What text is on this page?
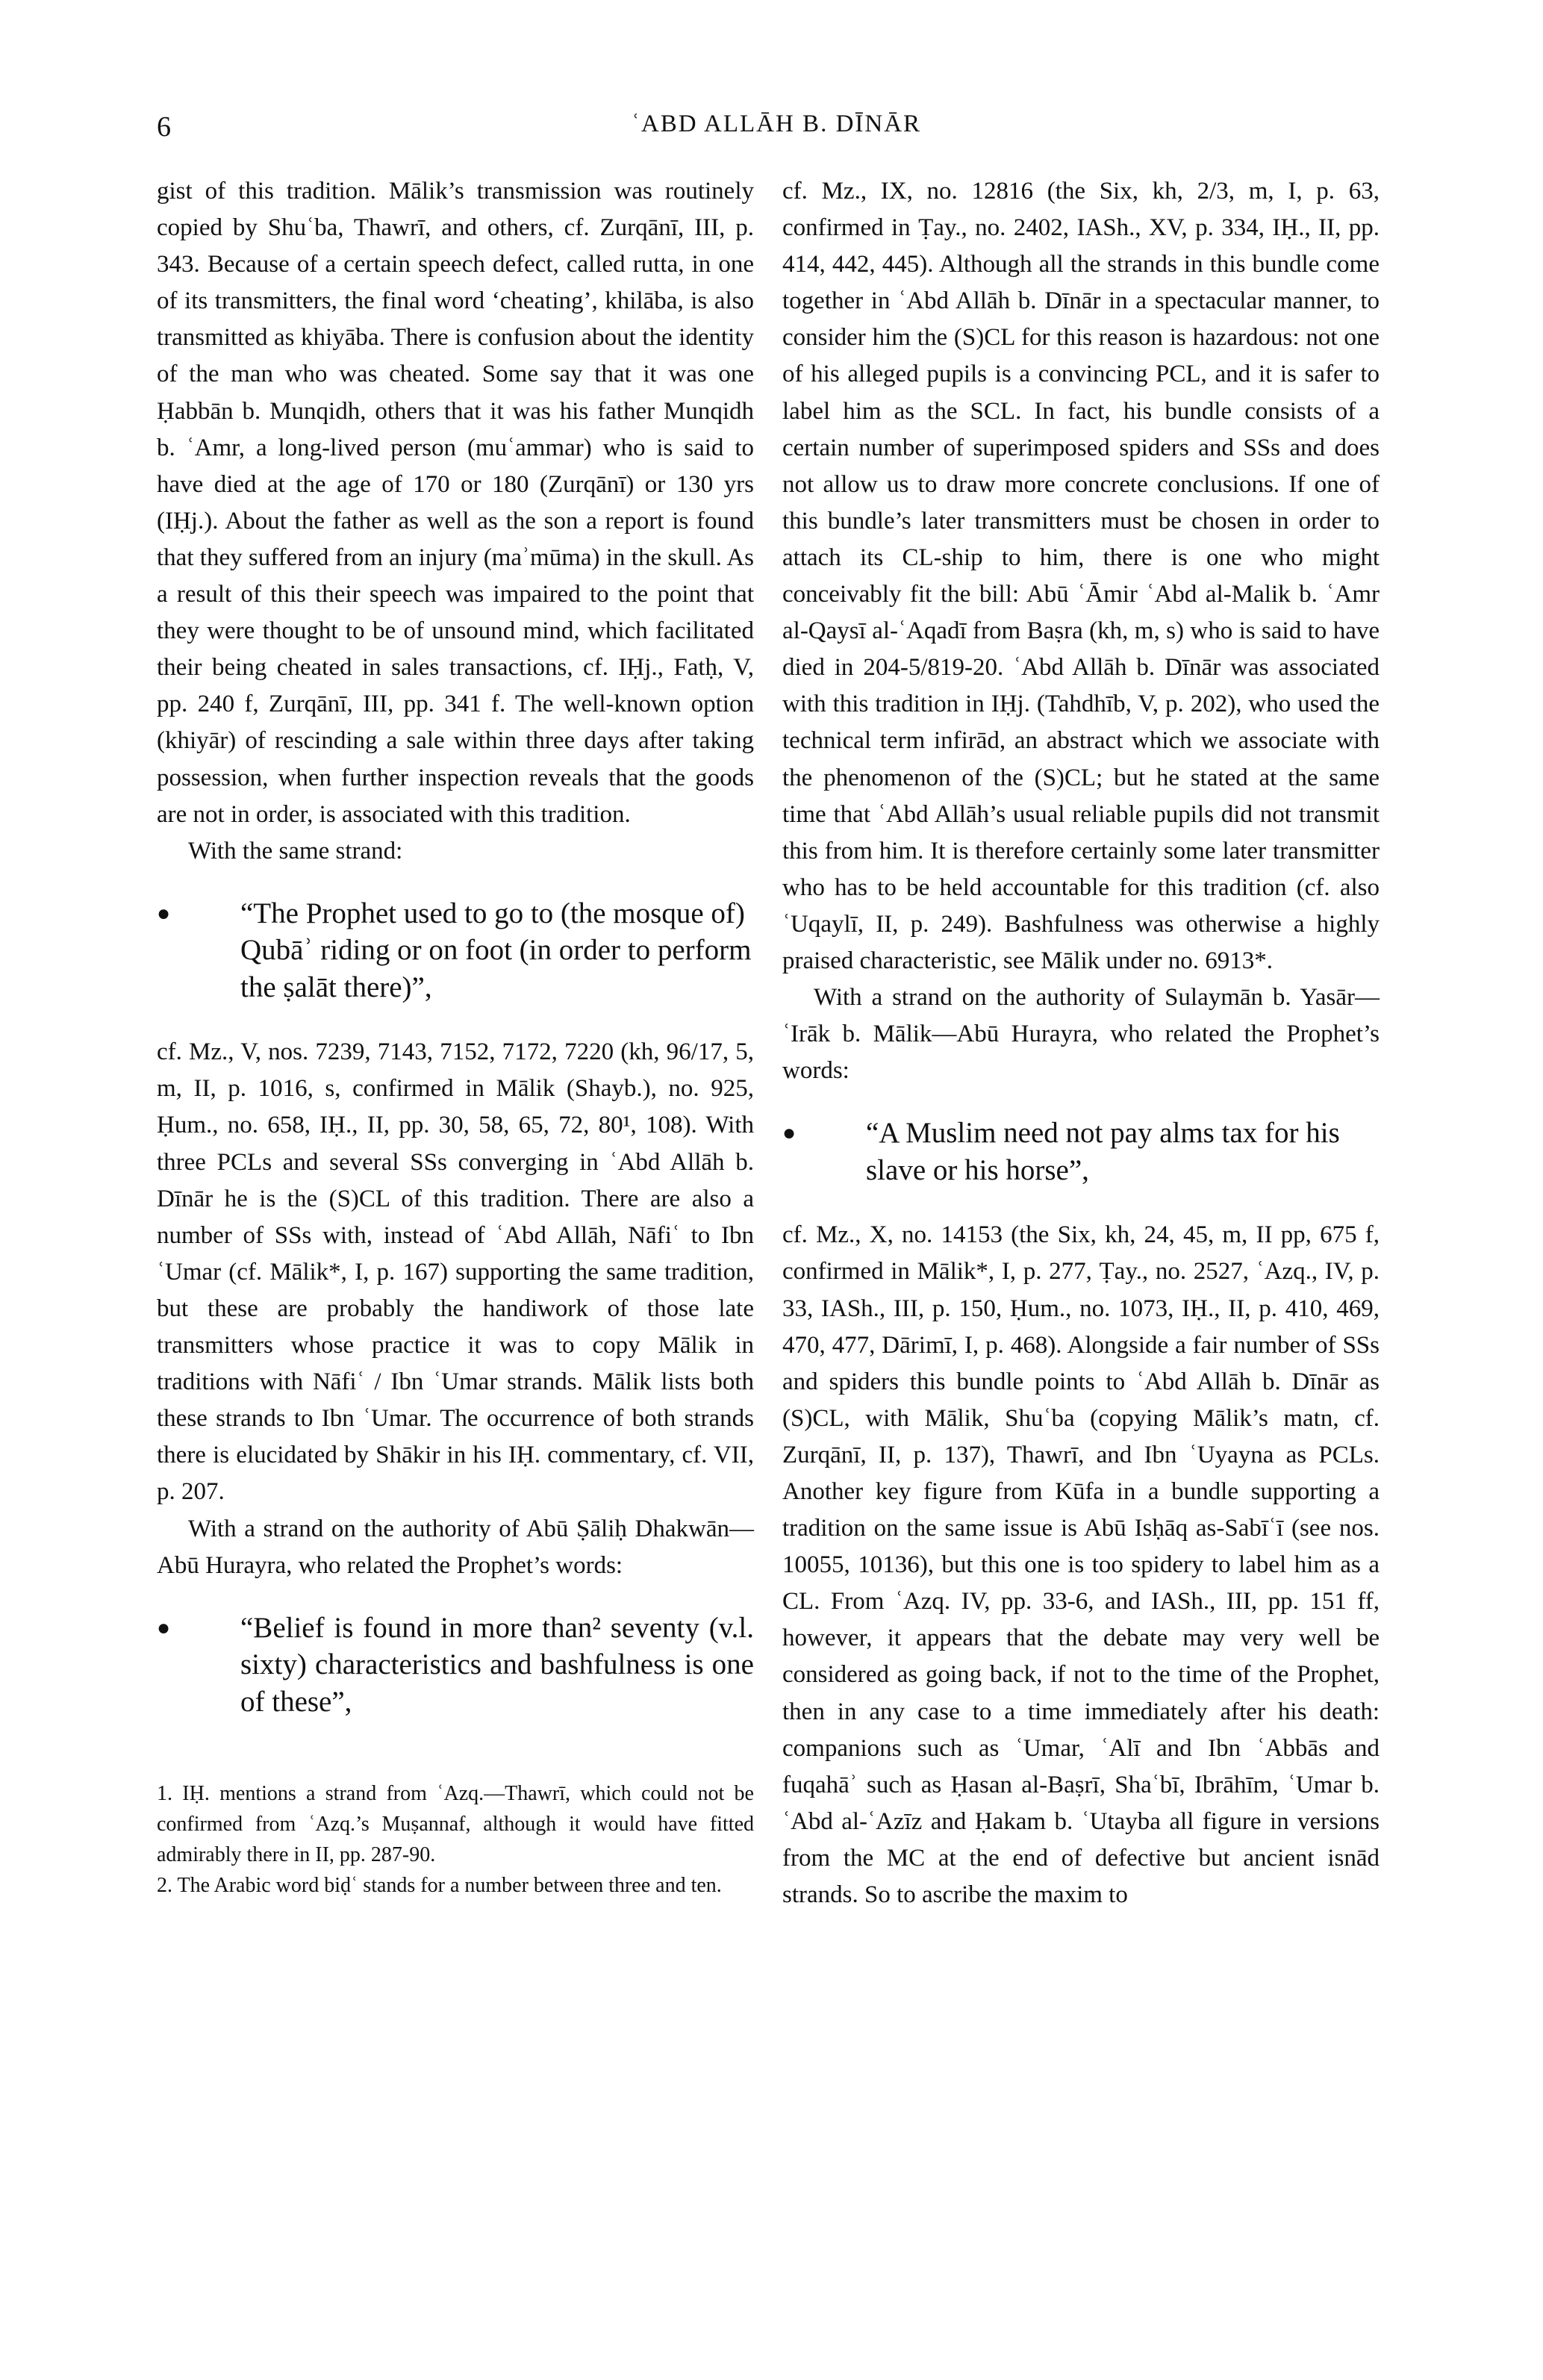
6	ʿABD ALLĀH B. DĪNĀR

gist of this tradition. Mālik’s transmission was routinely copied by Shuʿba, Thawrī, and others, cf. Zurqānī, III, p. 343. Because of a certain speech defect, called rutta, in one of its transmitters, the final word ‘cheating’, khilāba, is also transmitted as khiyāba. There is confusion about the identity of the man who was cheated. Some say that it was one Ḥabbān b. Munqidh, others that it was his father Munqidh b. ʿAmr, a long-lived person (muʿammar) who is said to have died at the age of 170 or 180 (Zurqānī) or 130 yrs (IḤj.). About the father as well as the son a report is found that they suffered from an injury (maʾmūma) in the skull. As a result of this their speech was impaired to the point that they were thought to be of unsound mind, which facilitated their being cheated in sales transactions, cf. IḤj., Fatḥ, V, pp. 240 f, Zurqānī, III, pp. 341 f. The well-known option (khiyār) of rescinding a sale within three days after taking possession, when further inspection reveals that the goods are not in order, is associated with this tradition.

With the same strand:

● “The Prophet used to go to (the mosque of) Qubāʾ riding or on foot (in order to perform the ṣalāt there)”,

cf. Mz., V, nos. 7239, 7143, 7152, 7172, 7220 (kh, 96/17, 5, m, II, p. 1016, s, confirmed in Mālik (Shayb.), no. 925, Ḥum., no. 658, IḤ., II, pp. 30, 58, 65, 72, 80¹, 108). With three PCLs and several SSs converging in ʿAbd Allāh b. Dīnār he is the (S)CL of this tradition. There are also a number of SSs with, instead of ʿAbd Allāh, Nāfiʿ to Ibn ʿUmar (cf. Mālik*, I, p. 167) supporting the same tradition, but these are probably the handiwork of those late transmitters whose practice it was to copy Mālik in traditions with Nāfiʿ / Ibn ʿUmar strands. Mālik lists both these strands to Ibn ʿUmar. The occurrence of both strands there is elucidated by Shākir in his IḤ. commentary, cf. VII, p. 207.

With a strand on the authority of Abū Ṣāliḥ Dhakwān—Abū Hurayra, who related the Prophet’s words:

● “Belief is found in more than² seventy (v.l. sixty) characteristics and bashfulness is one of these”,

1. IḤ. mentions a strand from ʿAzq.—Thawrī, which could not be confirmed from ʿAzq.’s Muṣannaf, although it would have fitted admirably there in II, pp. 287-90.

2. The Arabic word biḍʿ stands for a number between three and ten.

cf. Mz., IX, no. 12816 (the Six, kh, 2/3, m, I, p. 63, confirmed in Ṭay., no. 2402, IASh., XV, p. 334, IḤ., II, pp. 414, 442, 445). Although all the strands in this bundle come together in ʿAbd Allāh b. Dīnār in a spectacular manner, to consider him the (S)CL for this reason is hazardous: not one of his alleged pupils is a convincing PCL, and it is safer to label him as the SCL. In fact, his bundle consists of a certain number of superimposed spiders and SSs and does not allow us to draw more concrete conclusions. If one of this bundle’s later transmitters must be chosen in order to attach its CL-ship to him, there is one who might conceivably fit the bill: Abū ʿĀmir ʿAbd al-Malik b. ʿAmr al-Qaysī al-ʿAqadī from Baṣra (kh, m, s) who is said to have died in 204-5/819-20. ʿAbd Allāh b. Dīnār was associated with this tradition in IḤj. (Tahdhīb, V, p. 202), who used the technical term infirād, an abstract which we associate with the phenomenon of the (S)CL; but he stated at the same time that ʿAbd Allāh’s usual reliable pupils did not transmit this from him. It is therefore certainly some later transmitter who has to be held accountable for this tradition (cf. also ʿUqaylī, II, p. 249). Bashfulness was otherwise a highly praised characteristic, see Mālik under no. 6913*.

With a strand on the authority of Sulaymān b. Yasār—ʿIrāk b. Mālik—Abū Hurayra, who related the Prophet’s words:

● “A Muslim need not pay alms tax for his slave or his horse”,

cf. Mz., X, no. 14153 (the Six, kh, 24, 45, m, II pp, 675 f, confirmed in Mālik*, I, p. 277, Ṭay., no. 2527, ʿAzq., IV, p. 33, IASh., III, p. 150, Ḥum., no. 1073, IḤ., II, p. 410, 469, 470, 477, Dārimī, I, p. 468). Alongside a fair number of SSs and spiders this bundle points to ʿAbd Allāh b. Dīnār as (S)CL, with Mālik, Shuʿba (copying Mālik’s matn, cf. Zurqānī, II, p. 137), Thawrī, and Ibn ʿUyayna as PCLs. Another key figure from Kūfa in a bundle supporting a tradition on the same issue is Abū Isḥāq as-Sabīʿī (see nos. 10055, 10136), but this one is too spidery to label him as a CL. From ʿAzq. IV, pp. 33-6, and IASh., III, pp. 151 ff, however, it appears that the debate may very well be considered as going back, if not to the time of the Prophet, then in any case to a time immediately after his death: companions such as ʿUmar, ʿAlī and Ibn ʿAbbās and fuqahāʾ such as Ḥasan al-Baṣrī, Shaʿbī, Ibrāhīm, ʿUmar b. ʿAbd al-ʿAzīz and Ḥakam b. ʿUtayba all figure in versions from the MC at the end of defective but ancient isnād strands. So to ascribe the maxim to
